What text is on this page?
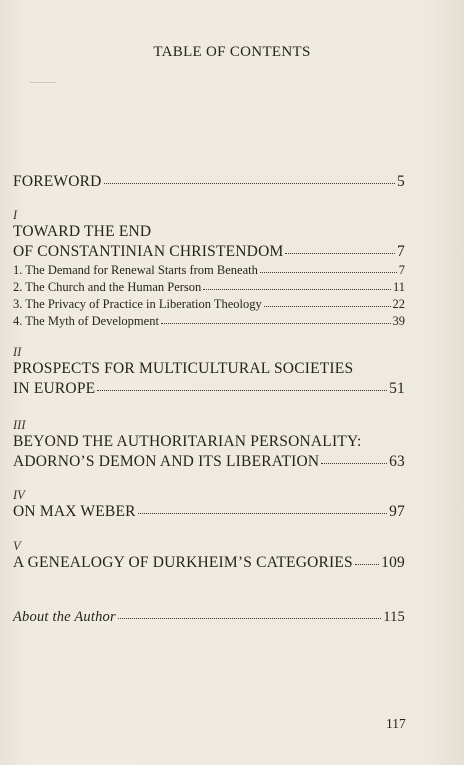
TABLE OF CONTENTS
FOREWORD	5
I
TOWARD THE END
OF CONSTANTINIAN CHRISTENDOM	7
1. The Demand for Renewal Starts from Beneath	7
2. The Church and the Human Person	11
3. The Privacy of Practice in Liberation Theology	22
4. The Myth of Development	39
II
PROSPECTS FOR MULTICULTURAL SOCIETIES
IN EUROPE	51
III
BEYOND THE AUTHORITARIAN PERSONALITY:
ADORNO’S DEMON AND ITS LIBERATION	63
IV
ON MAX WEBER	97
V
A GENEALOGY OF DURKHEIM’S CATEGORIES 109
About the Author	115
117
